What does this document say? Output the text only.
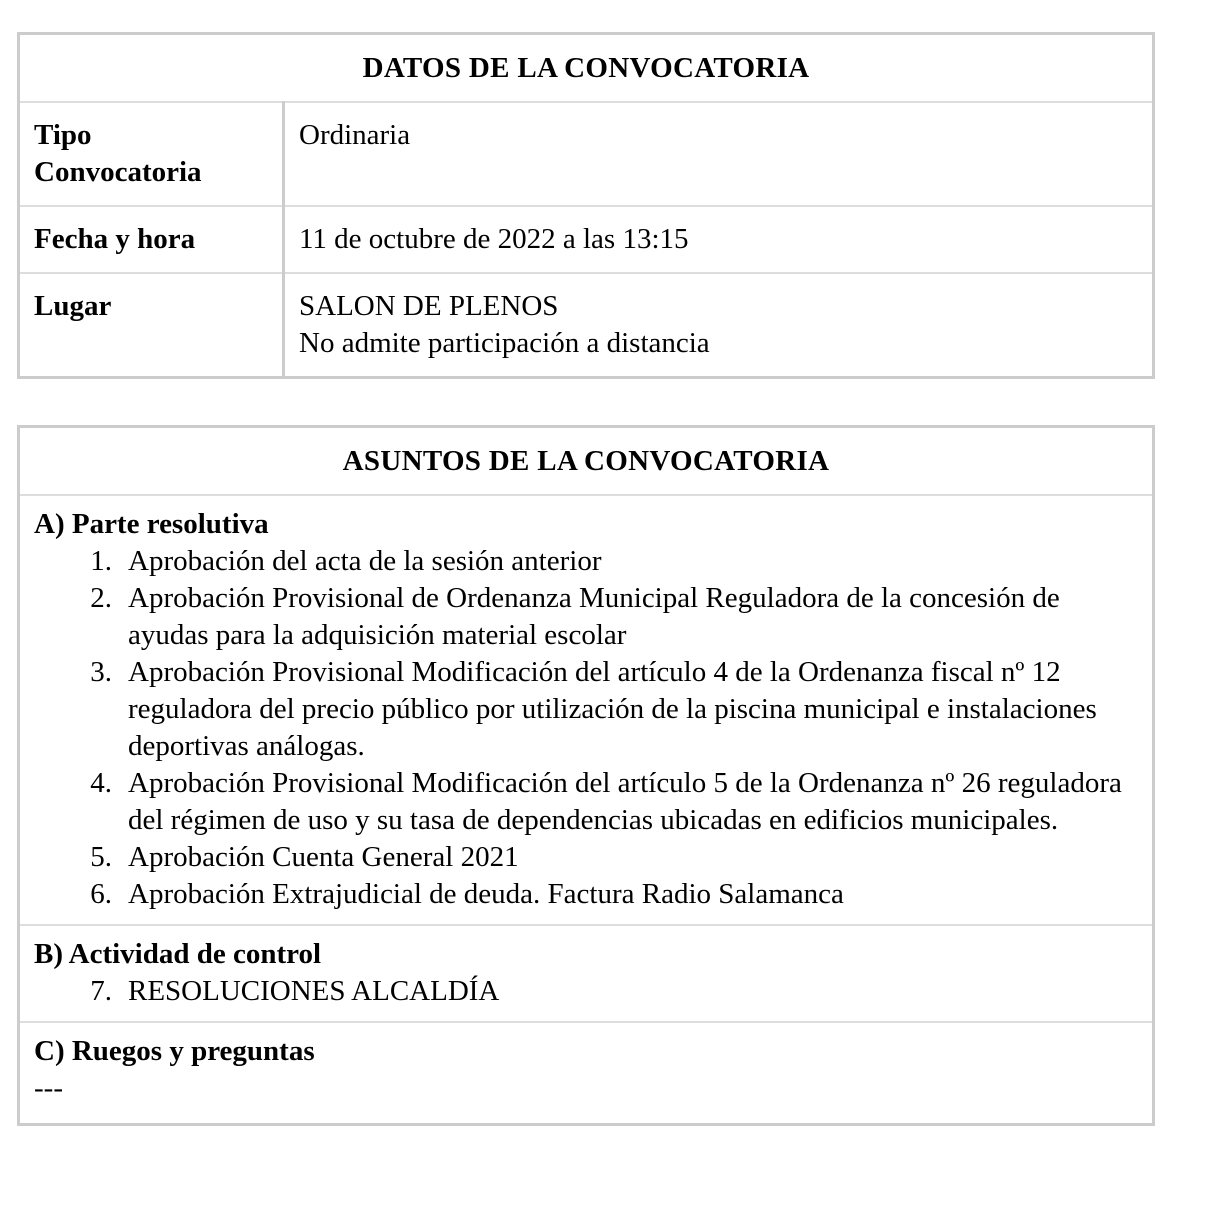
DATOS DE LA CONVOCATORIA	

Tipo Convocatoria	Ordinaria
Fecha y hora	11 de octubre de 2022 a las 13:15
Lugar	SALON DE PLENOS
No admite participación a distancia
ASUNTOS DE LA CONVOCATORIA

A) Parte resolutiva
1. Aprobación del acta de la sesión anterior
2. Aprobación Provisional de Ordenanza Municipal Reguladora de la concesión de ayudas para la adquisición material escolar
3. Aprobación Provisional Modificación del artículo 4 de la Ordenanza fiscal nº 12 reguladora del precio público por utilización de la piscina municipal e instalaciones deportivas análogas.
4. Aprobación Provisional Modificación del artículo 5 de la Ordenanza nº 26 reguladora del régimen de uso y su tasa de dependencias ubicadas en edificios municipales.
5. Aprobación Cuenta General 2021
6. Aprobación Extrajudicial de deuda. Factura Radio Salamanca

B) Actividad de control
7. RESOLUCIONES ALCALDÍA

C) Ruegos y preguntas
---
